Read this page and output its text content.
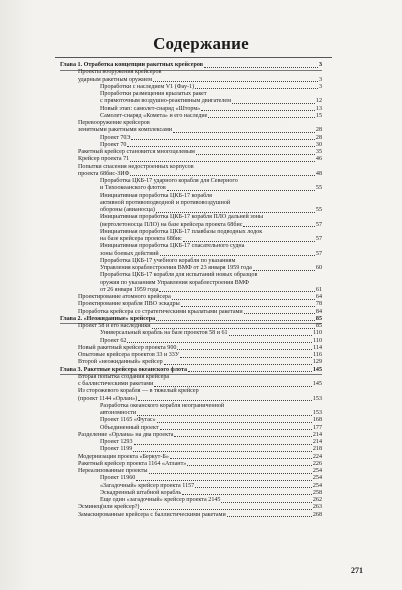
Содержание
Глава 1. Отработка концепции ракетных крейсеров	3
Проекты вооружения крейсеров
ударным ракетным оружием	3
Проработки с наследием V1 (Фау-1)	3
Проработки размещения крылатых ракет
с прямоточным воздушно-реактивным двигателем	12
Новый этап: самолет-снаряд «Шторм»	13
Самолет-снаряд «Комета» и его наследие	15
Перевооружение крейсеров
зенитными ракетными комплексами	28
Проект 70Э	28
Проект 70	30
Ракетный крейсер становится многоцелевым	35
Крейсер проекта 71	46
Попытки спасения недостроенных корпусов
проекта 68бис-ЗИФ	48
Проработка ЦКБ-17 ударного корабля для Северного
и Тихоокеанского флотов	55
Инициативная проработка ЦКБ-17 корабля
активной противоподводной и противовоздушной
обороны (авианосца)	55
Инициативная проработка ЦКБ-17 корабля ПЛО дальней зоны
(вертолетоносца ПЛО) на базе крейсера проекта 68бис	57
Инициативная проработка ЦКБ-17 плавбазы подводных лодок
на базе крейсера проекта 68бис	57
Инициативная проработка ЦКБ-17 спасательного судна
зоны боевых действий	57
Проработка ЦКБ-17 учебного корабля по указаниям
Управления кораблестроения ВМФ от 23 января 1959 года	60
Проработка ЦКБ-17 корабля для испытаний новых образцов
оружия по указаниям Управления кораблестроения ВМФ
от 26 января 1959 года	61
Проектирование атомного крейсера	64
Проектирование корабля ПВО эскадры	78
Проработка крейсера со стратегическими крылатыми ракетами	84
Глава 2. «Неожиданные» крейсера	85
Проект 58 и его наследники	85
Универсальный корабль на базе проектов 58 и 61	110
Проект 62	110
Новый ракетный крейсер проекта 900	114
Опытовые крейсера проектов 33 и 33У	116
Второй «неожиданный» крейсер	129
Глава 3. Ракетные крейсера океанского флота	145
Вторая попытка создания крейсера
с баллистическими ракетами	145
Из сторожевого корабля — в тяжелый крейсер
(проект 1144 «Орлан»)	153
Разработка океанского корабля неограниченной
автономности	153
Проект 1165 «Фугас»	168
Объединенный проект	177
Разделение «Орлана» на два проекта	214
Проект 1293	214
Проект 1199	218
Модернизация проекта «Беркут-Б»	224
Ракетный крейсер проекта 1164 «Атлант»	226
Нереализованные проекты	254
Проект 11960	254
«Загадочный» крейсер проекта 1157	254
Эскадренный штабной корабль	258
Еще один «загадочный» крейсер проекта 2145	262
Эсминец(или крейсер?)	263
Замаскированные крейсера с баллистическими ракетами	268
271
